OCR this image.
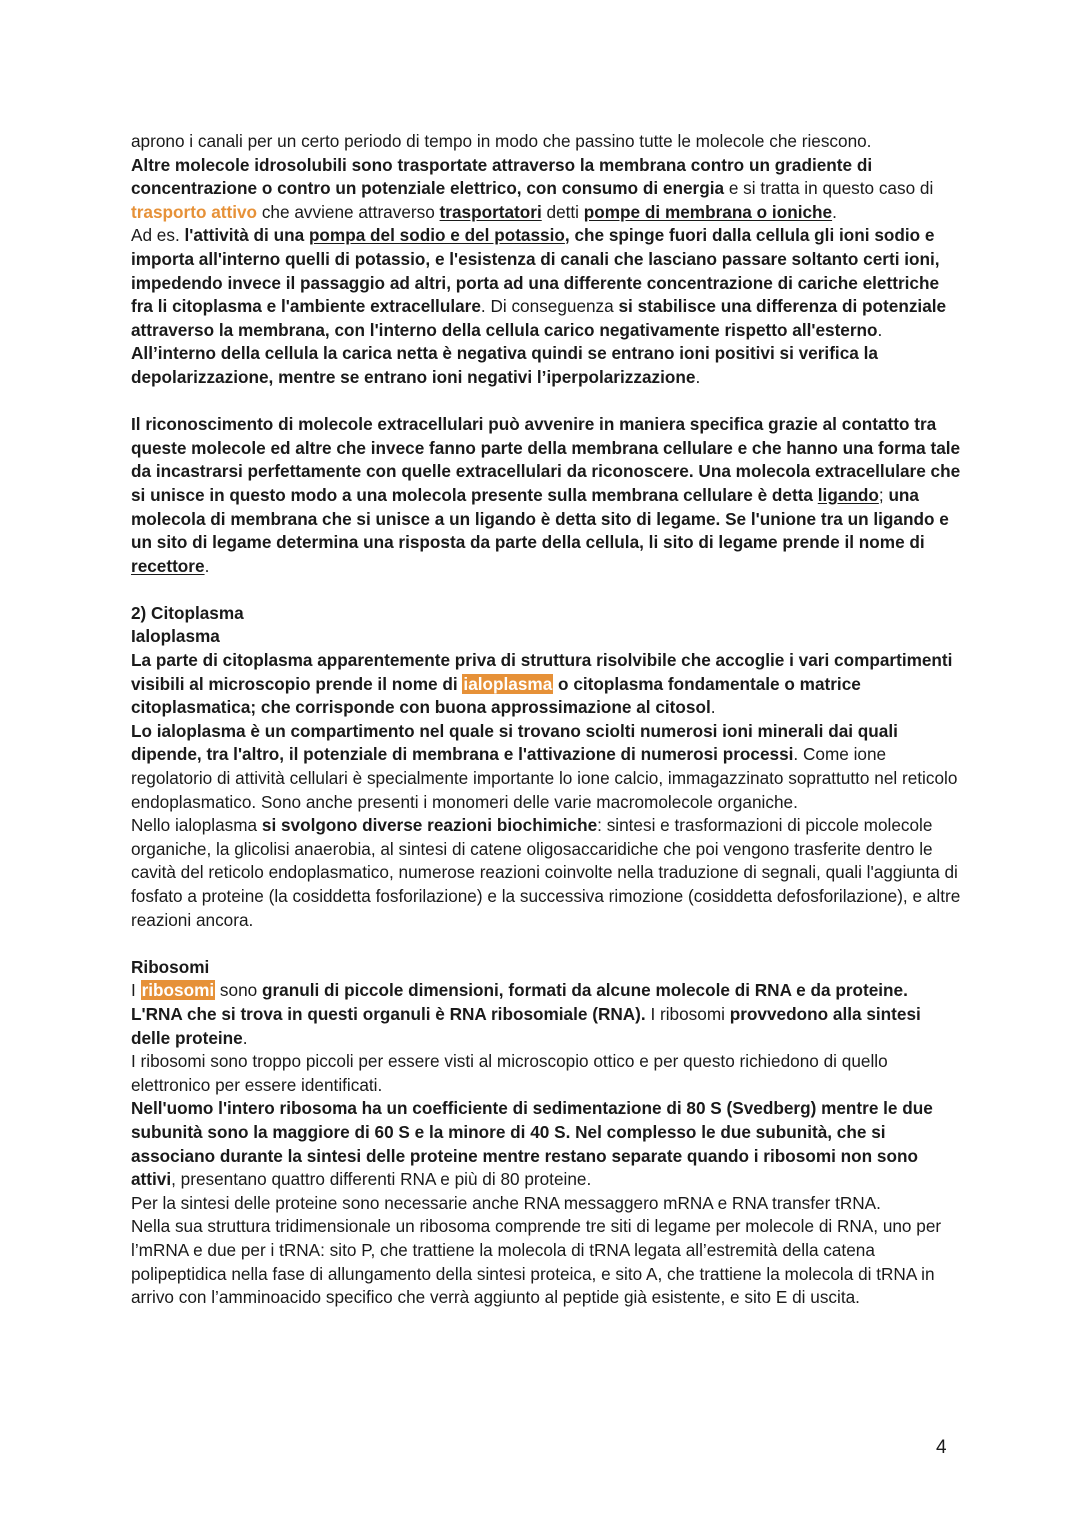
aprono i canali per un certo periodo di tempo in modo che passino tutte le molecole che riescono.

Altre molecole idrosolubili sono trasportate attraverso la membrana contro un gradiente di concentrazione o contro un potenziale elettrico, con consumo di energia e si tratta in questo caso di trasporto attivo che avviene attraverso trasportatori detti pompe di membrana o ioniche.

Ad es. l'attività di una pompa del sodio e del potassio, che spinge fuori dalla cellula gli ioni sodio e importa all'interno quelli di potassio, e l'esistenza di canali che lasciano passare soltanto certi ioni, impedendo invece il passaggio ad altri, porta ad una differente concentrazione di cariche elettriche fra li citoplasma e l'ambiente extracellulare. Di conseguenza si stabilisce una differenza di potenziale attraverso la membrana, con l'interno della cellula carico negativamente rispetto all'esterno.

All’interno della cellula la carica netta è negativa quindi se entrano ioni positivi si verifica la depolarizzazione, mentre se entrano ioni negativi l’iperpolarizzazione.

Il riconoscimento di molecole extracellulari può avvenire in maniera specifica grazie al contatto tra queste molecole ed altre che invece fanno parte della membrana cellulare e che hanno una forma tale da incastrarsi perfettamente con quelle extracellulari da riconoscere. Una molecola extracellulare che si unisce in questo modo a una molecola presente sulla membrana cellulare è detta ligando; una molecola di membrana che si unisce a un ligando è detta sito di legame. Se l'unione tra un ligando e un sito di legame determina una risposta da parte della cellula, li sito di legame prende il nome di recettore.

2) Citoplasma

Ialoplasma

La parte di citoplasma apparentemente priva di struttura risolvibile che accoglie i vari compartimenti visibili al microscopio prende il nome di ialoplasma o citoplasma fondamentale o matrice citoplasmatica; che corrisponde con buona approssimazione al citosol.

Lo ialoplasma è un compartimento nel quale si trovano sciolti numerosi ioni minerali dai quali dipende, tra l'altro, il potenziale di membrana e l'attivazione di numerosi processi. Come ione regolatorio di attività cellulari è specialmente importante lo ione calcio, immagazzinato soprattutto nel reticolo endoplasmatico. Sono anche presenti i monomeri delle varie macromolecole organiche.

Nello ialoplasma si svolgono diverse reazioni biochimiche: sintesi e trasformazioni di piccole molecole organiche, la glicolisi anaerobia, al sintesi di catene oligosaccaridiche che poi vengono trasferite dentro le cavità del reticolo endoplasmatico, numerose reazioni coinvolte nella traduzione di segnali, quali l'aggiunta di fosfato a proteine (la cosiddetta fosforilazione) e la successiva rimozione (cosiddetta defosforilazione), e altre reazioni ancora.

Ribosomi

I ribosomi sono granuli di piccole dimensioni, formati da alcune molecole di RNA e da proteine. L'RNA che si trova in questi organuli è RNA ribosomiale (RNA). I ribosomi provvedono alla sintesi delle proteine.

I ribosomi sono troppo piccoli per essere visti al microscopio ottico e per questo richiedono di quello elettronico per essere identificati.

Nell'uomo l'intero ribosoma ha un coefficiente di sedimentazione di 80 S (Svedberg) mentre le due subunità sono la maggiore di 60 S e la minore di 40 S. Nel complesso le due subunità, che si associano durante la sintesi delle proteine mentre restano separate quando i ribosomi non sono attivi, presentano quattro differenti RNA e più di 80 proteine.

Per la sintesi delle proteine sono necessarie anche RNA messaggero mRNA e RNA transfer tRNA.

Nella sua struttura tridimensionale un ribosoma comprende tre siti di legame per molecole di RNA, uno per l’mRNA e due per i tRNA: sito P, che trattiene la molecola di tRNA legata all’estremità della catena polipeptidica nella fase di allungamento della sintesi proteica, e sito A, che trattiene la molecola di tRNA in arrivo con l’amminoacido specifico che verrà aggiunto al peptide già esistente, e sito E di uscita.

4
